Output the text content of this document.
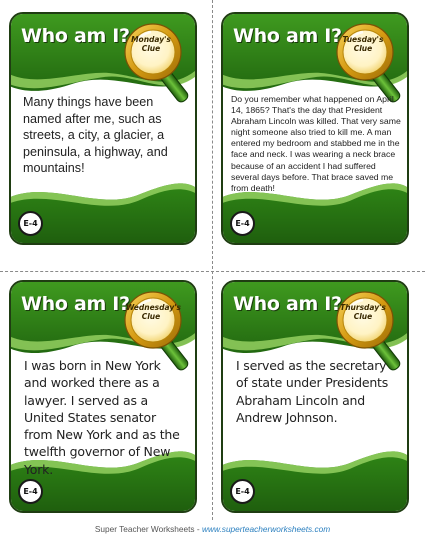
Who am I? Monday's
Clue

Many things have been named after me, such as streets, a city, a glacier, a peninsula, a highway, and mountains!

E-4
Who am I? Tuesday's
Clue

Do you remember what happened on April 14, 1865? That's the day that President Abraham Lincoln was killed. That very same night someone also tried to kill me. A man entered my bedroom and stabbed me in the face and neck. I was wearing a neck brace because of an accident I had suffered several days before. That brace saved me from death!

E-4
Who am I?
Wednesday's
Clue

I was born in New York and worked there as a lawyer. I served as a United States senator from New York and as the twelfth governor of New York.

E-4
Who am I?
Thursday's
Clue

I served as the secretary of state under Presidents Abraham Lincoln and Andrew Johnson.

E-4
Super Teacher Worksheets - www.superteacherworksheets.com
